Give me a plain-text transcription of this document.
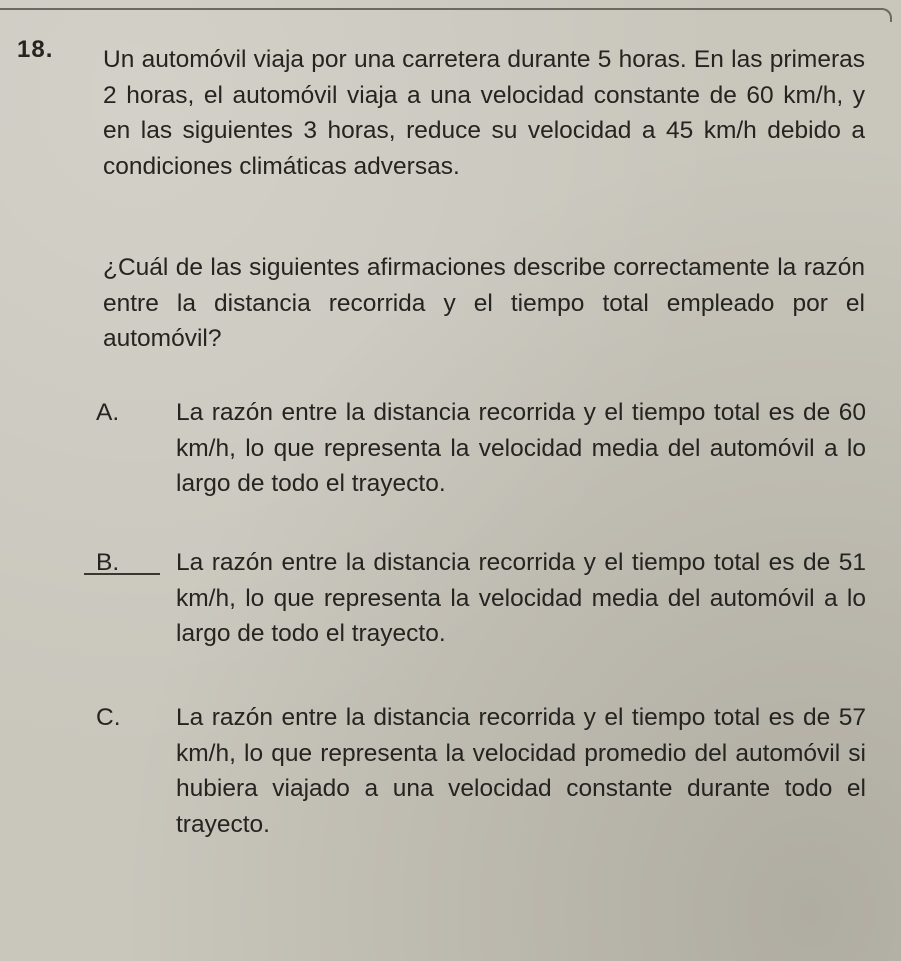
18. Un automóvil viaja por una carretera durante 5 horas. En las primeras 2 horas, el automóvil viaja a una velocidad constante de 60 km/h, y en las siguientes 3 horas, reduce su velocidad a 45 km/h debido a condiciones climáticas adversas.
¿Cuál de las siguientes afirmaciones describe correctamente la razón entre la distancia recorrida y el tiempo total empleado por el automóvil?
A. La razón entre la distancia recorrida y el tiempo total es de 60 km/h, lo que representa la velocidad media del automóvil a lo largo de todo el trayecto.
B. La razón entre la distancia recorrida y el tiempo total es de 51 km/h, lo que representa la velocidad media del automóvil a lo largo de todo el trayecto.
C. La razón entre la distancia recorrida y el tiempo total es de 57 km/h, lo que representa la velocidad promedio del automóvil si hubiera viajado a una velocidad constante durante todo el trayecto.
